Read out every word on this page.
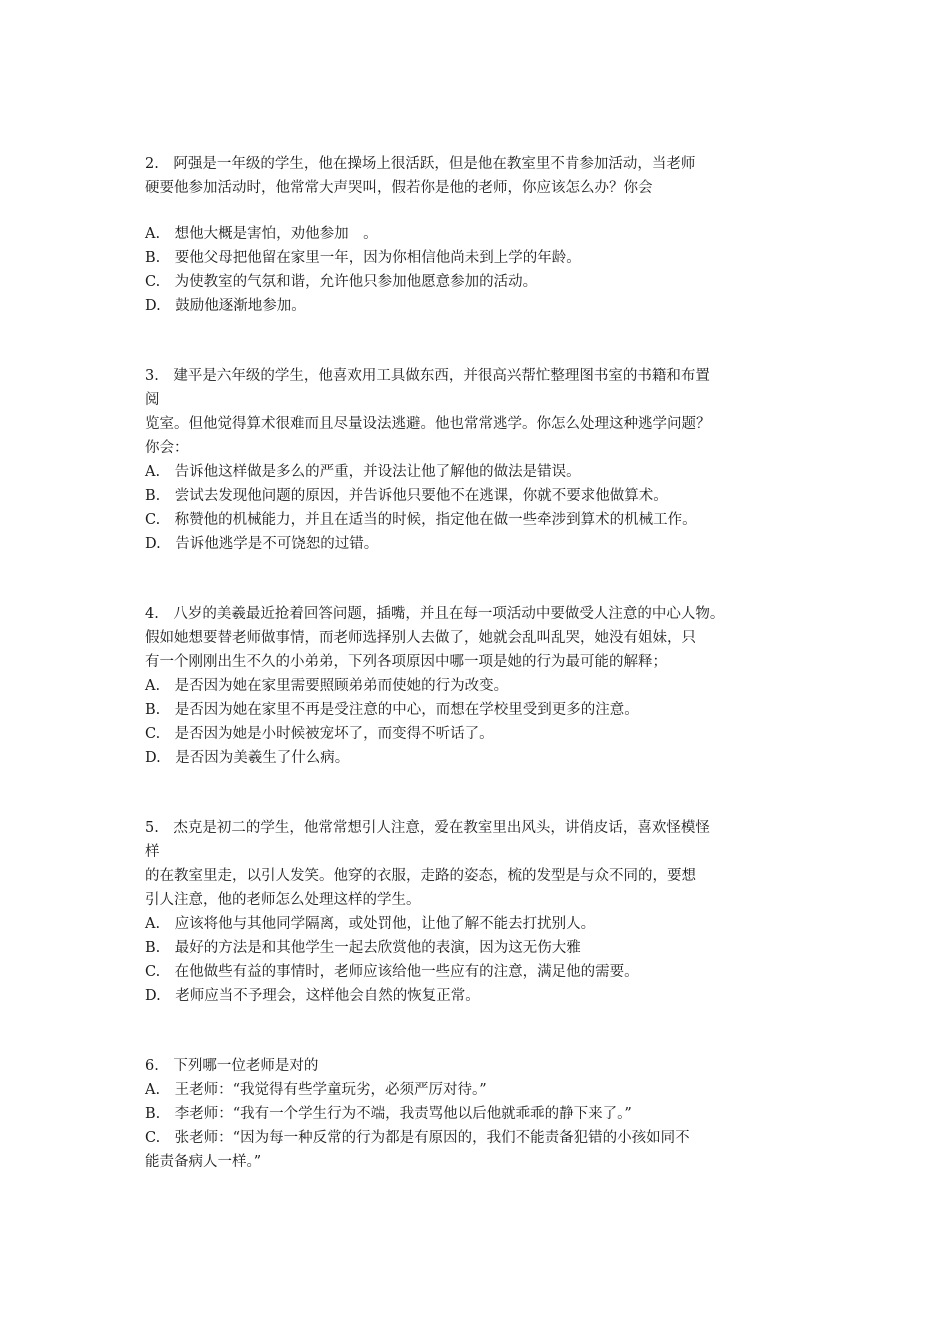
2.　阿强是一年级的学生，他在操场上很活跃，但是他在教室里不肯参加活动，当老师
硬要他参加活动时，他常常大声哭叫，假若你是他的老师，你应该怎么办？你会
A.　想他大概是害怕，劝他参加　。
B.　要他父母把他留在家里一年，因为你相信他尚未到上学的年龄。
C.　为使教室的气氛和谐，允许他只参加他愿意参加的活动。
D.　鼓励他逐渐地参加。
3.　建平是六年级的学生，他喜欢用工具做东西，并很高兴帮忙整理图书室的书籍和布置
阅
览室。但他觉得算术很难而且尽量设法逃避。他也常常逃学。你怎么处理这种逃学问题？
你会：
A.　告诉他这样做是多么的严重，并设法让他了解他的做法是错误。
B.　尝试去发现他问题的原因，并告诉他只要他不在逃课，你就不要求他做算术。
C.　称赞他的机械能力，并且在适当的时候，指定他在做一些牵涉到算术的机械工作。
D.　告诉他逃学是不可饶恕的过错。
4.　八岁的美羲最近抢着回答问题，插嘴，并且在每一项活动中要做受人注意的中心人物。
假如她想要替老师做事情，而老师选择别人去做了，她就会乱叫乱哭，她没有姐妹，只
有一个刚刚出生不久的小弟弟，下列各项原因中哪一项是她的行为最可能的解释；
A.　是否因为她在家里需要照顾弟弟而使她的行为改变。
B.　是否因为她在家里不再是受注意的中心，而想在学校里受到更多的注意。
C.　是否因为她是小时候被宠坏了，而变得不听话了。
D.　是否因为美羲生了什么病。
5.　杰克是初二的学生，他常常想引人注意，爱在教室里出风头，讲俏皮话，喜欢怪模怪
样
的在教室里走，以引人发笑。他穿的衣服，走路的姿态，梳的发型是与众不同的，要想
引人注意，他的老师怎么处理这样的学生。
A.　应该将他与其他同学隔离，或处罚他，让他了解不能去打扰别人。
B.　最好的方法是和其他学生一起去欣赏他的表演，因为这无伤大雅
C.　在他做些有益的事情时，老师应该给他一些应有的注意，满足他的需要。
D.　老师应当不予理会，这样他会自然的恢复正常。
6.　下列哪一位老师是对的
A.　王老师：“我觉得有些学童玩劣，必须严厉对待。”
B.　李老师：“我有一个学生行为不端，我责骂他以后他就乖乖的静下来了。”
C.　张老师：“因为每一种反常的行为都是有原因的，我们不能责备犯错的小孩如同不
能责备病人一样。”
